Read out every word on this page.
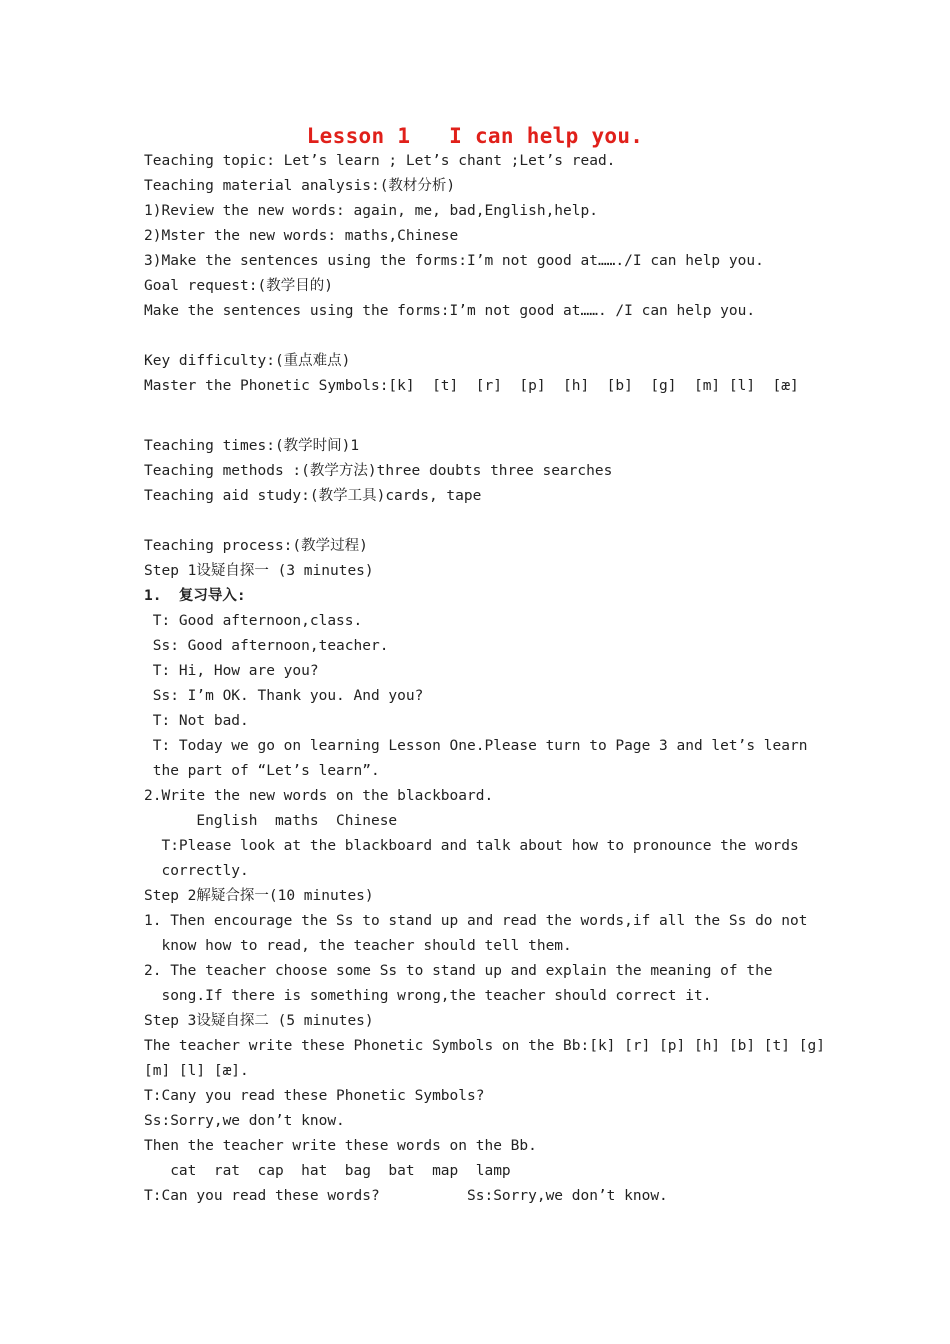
Lesson 1   I can help you.
Teaching topic: Let’s learn ; Let’s chant ;Let’s read.
Teaching material analysis:(教材分析)
1)Review the new words: again, me, bad,English,help.
2)Mster the new words: maths,Chinese
3)Make the sentences using the forms:I’m not good at……./I can help you.
Goal request:(教学目的)
Make the sentences using the forms:I’m not good at……. /I can help you.
Key difficulty:(重点难点)
Master the Phonetic Symbols:[k]  [t]  [r]  [p]  [h]  [b]  [g]  [m] [l]  [æ]
Teaching times:(教学时间)1
Teaching methods :(教学方法)three doubts three searches
Teaching aid study:(教学工具)cards, tape
Teaching process:(教学过程)
Step 1设疑自探一 (3 minutes)
1.  复习导入:
T: Good afternoon,class.
Ss: Good afternoon,teacher.
T: Hi, How are you?
Ss: I’m OK. Thank you. And you?
T: Not bad.
T: Today we go on learning Lesson One.Please turn to Page 3 and let’s learn
the part of “Let’s learn”.
2.Write the new words on the blackboard.
English  maths  Chinese
T:Please look at the blackboard and talk about how to pronounce the words
correctly.
Step 2解疑合探一(10 minutes)
1. Then encourage the Ss to stand up and read the words,if all the Ss do not
know how to read, the teacher should tell them.
2. The teacher choose some Ss to stand up and explain the meaning of the
song.If there is something wrong,the teacher should correct it.
Step 3设疑自探二 (5 minutes)
The teacher write these Phonetic Symbols on the Bb:[k] [r] [p] [h] [b] [t] [g]
[m] [l] [æ].
T:Cany you read these Phonetic Symbols?
Ss:Sorry,we don’t know.
Then the teacher write these words on the Bb.
cat  rat  cap  hat  bag  bat  map  lamp
T:Can you read these words?          Ss:Sorry,we don’t know.
